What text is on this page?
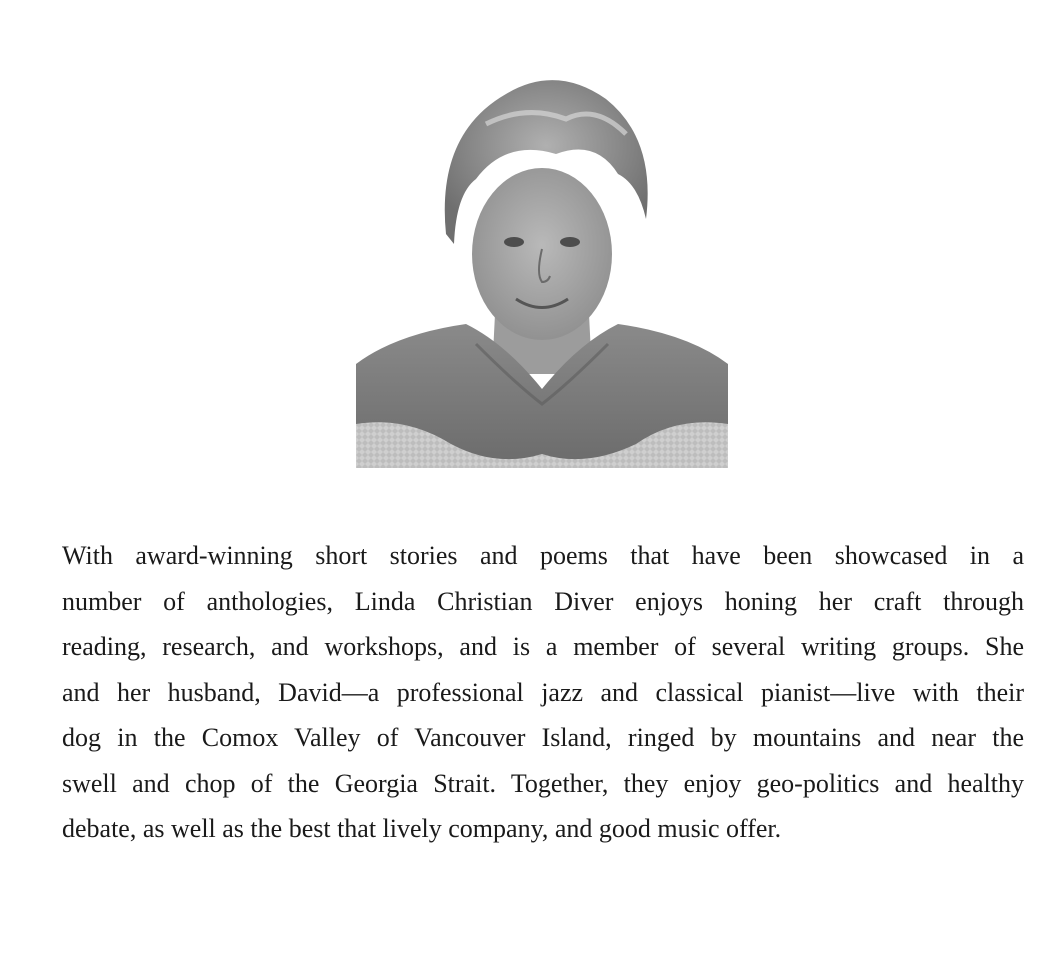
With award-winning short stories and poems that have been showcased in a
number of anthologies, Linda Christian Diver enjoys honing her craft through
reading, research, and workshops, and is a member of several writing groups. She
and her husband, David—a professional jazz and classical pianist—live with their
dog in the Comox Valley of Vancouver Island, ringed by mountains and near the
swell and chop of the Georgia Strait. Together, they enjoy geo-politics and healthy
debate, as well as the best that lively company, and good music offer.
